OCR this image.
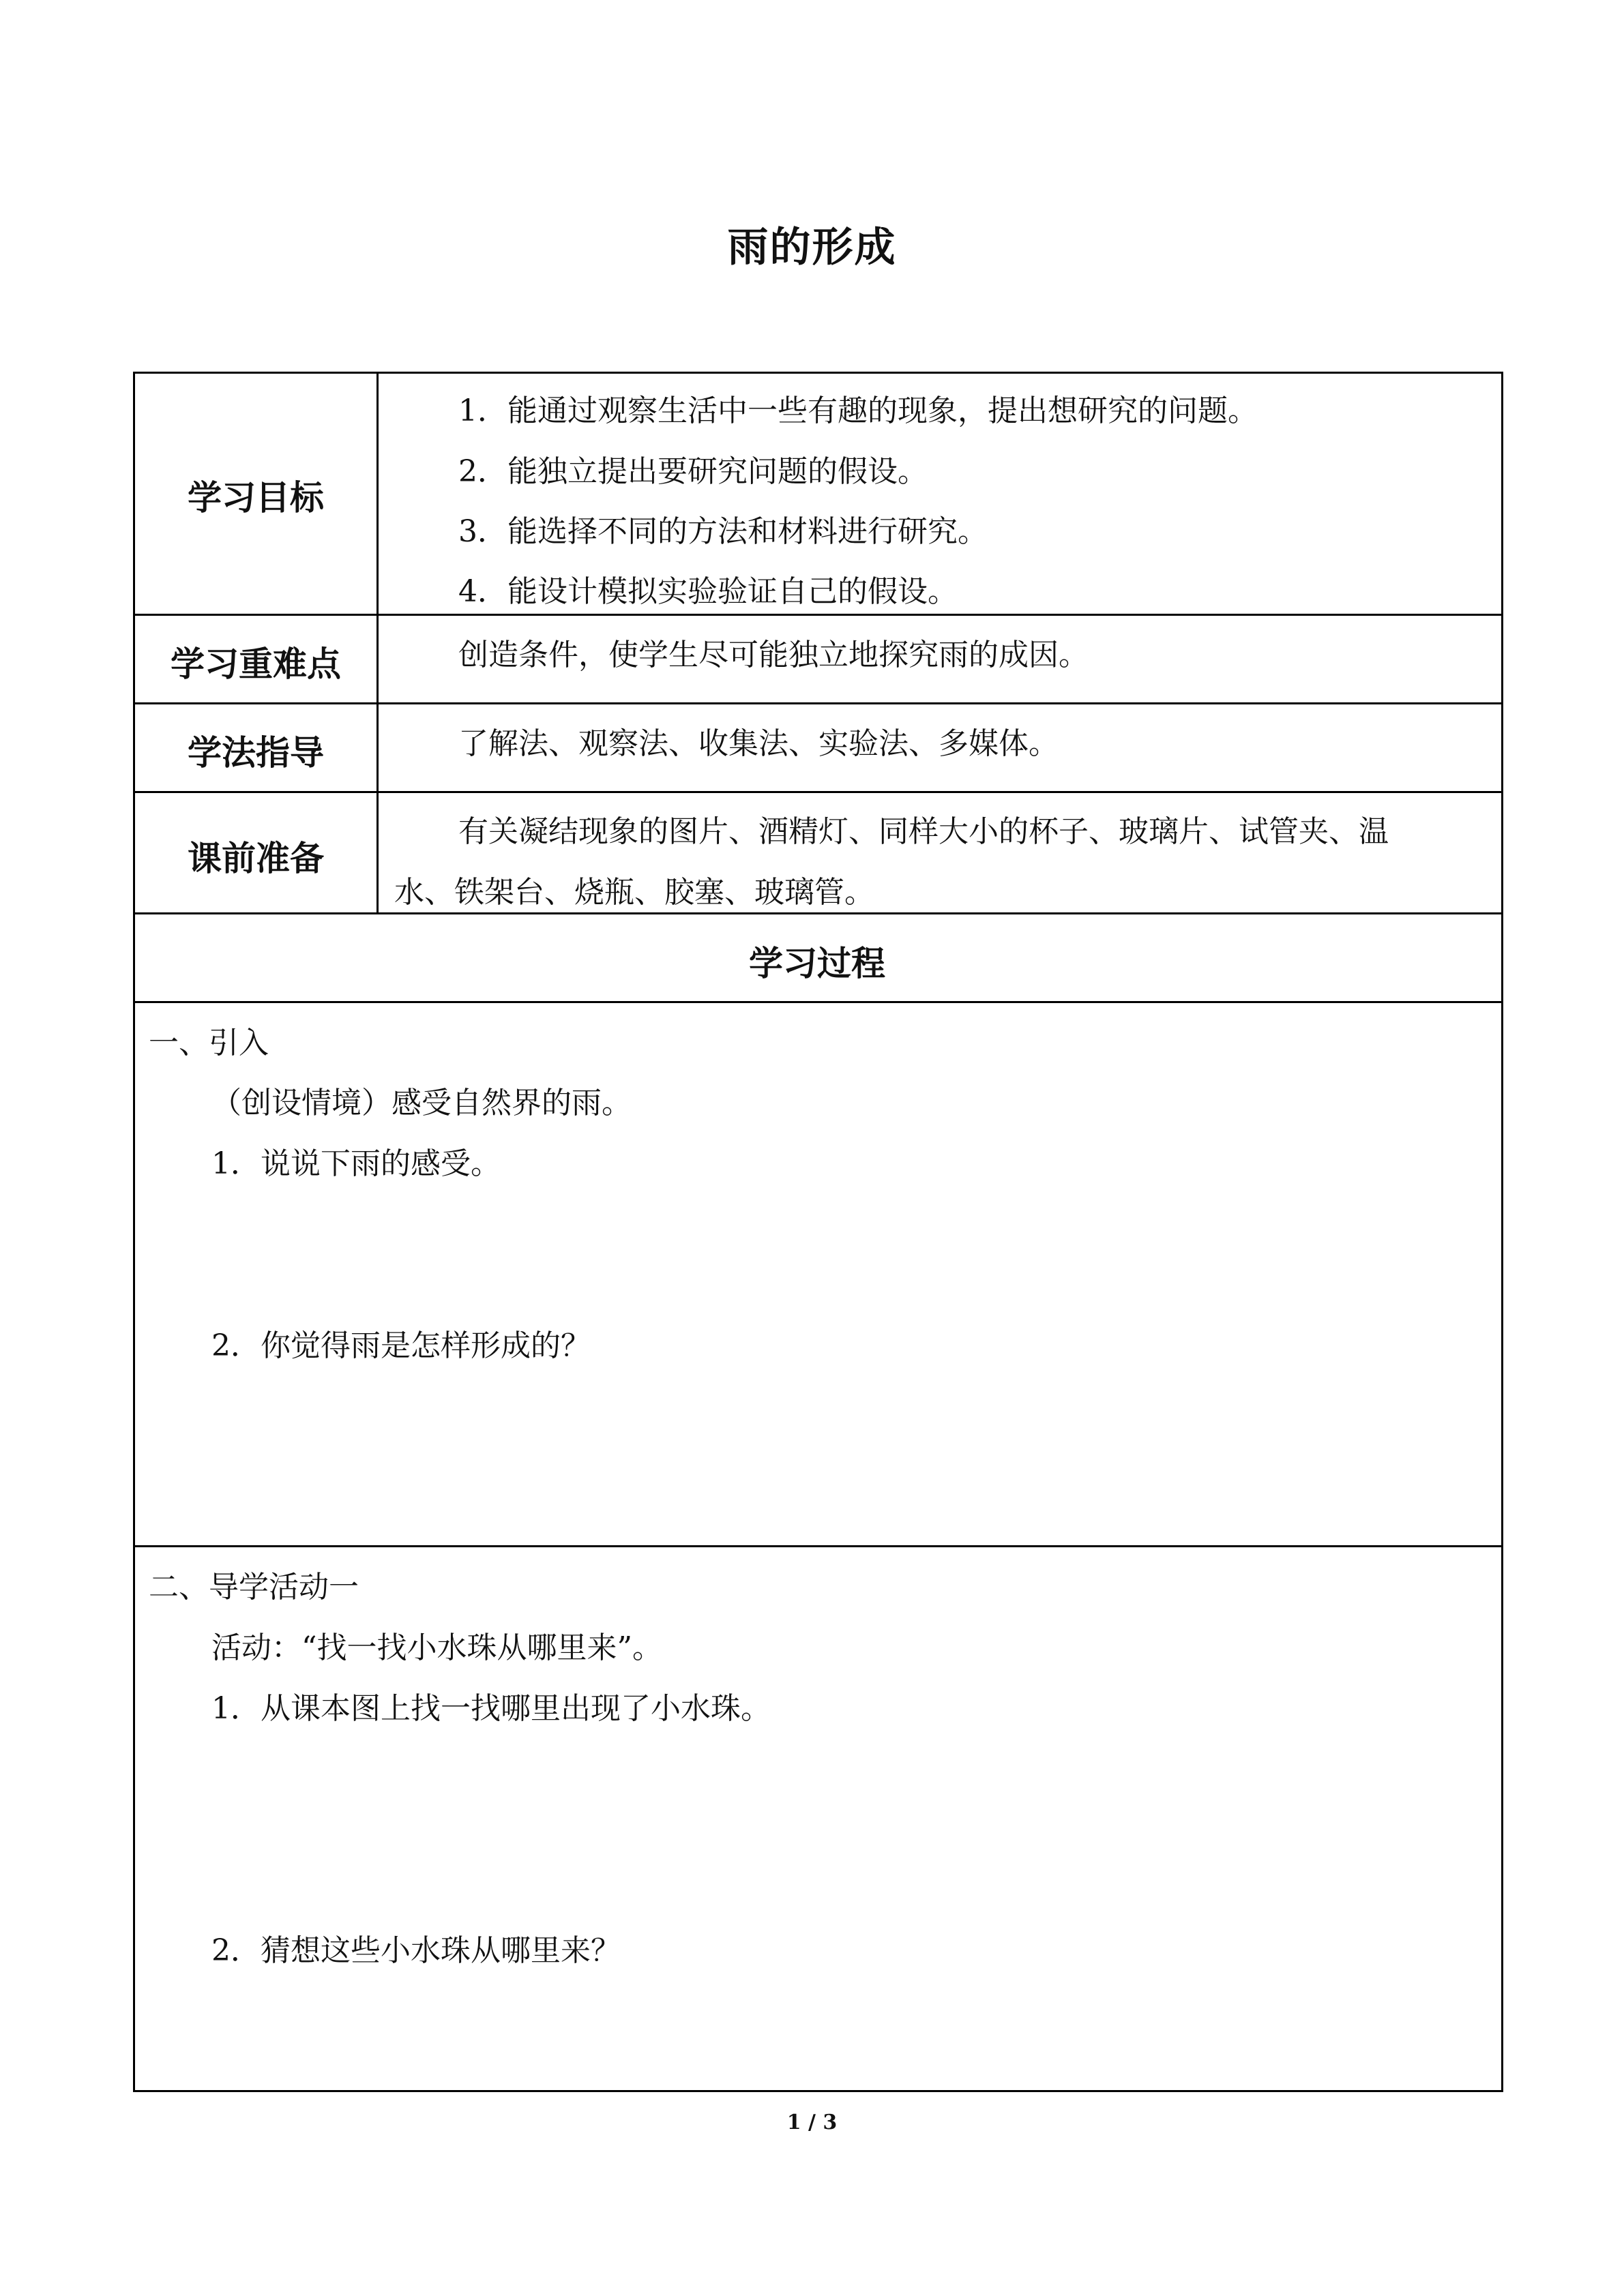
雨的形成
学习目标
1．能通过观察生活中一些有趣的现象，提出想研究的问题。
2．能独立提出要研究问题的假设。
3．能选择不同的方法和材料进行研究。
4．能设计模拟实验验证自己的假设。
学习重难点	创造条件，使学生尽可能独立地探究雨的成因。
学法指导	了解法、观察法、收集法、实验法、多媒体。
课前准备
有关凝结现象的图片、酒精灯、同样大小的杯子、玻璃片、试管夹、温
水、铁架台、烧瓶、胶塞、玻璃管。
学习过程
一、引入
（创设情境）感受自然界的雨。
1．说说下雨的感受。
2．你觉得雨是怎样形成的？
二、导学活动一
活动：“找一找小水珠从哪里来”。
1．从课本图上找一找哪里出现了小水珠。
2．猜想这些小水珠从哪里来？
1 / 3
